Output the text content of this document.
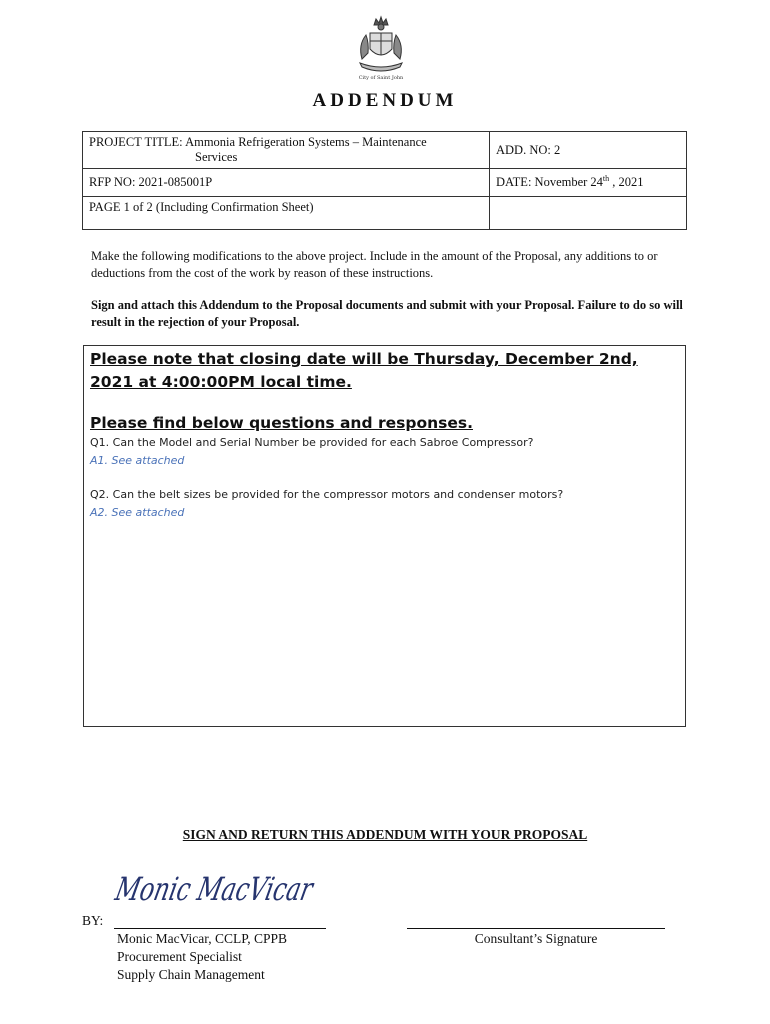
City of Saint John
ADDENDUM
PROJECT TITLE: Ammonia Refrigeration Systems – Maintenance
Services	ADD. NO: 2
RFP NO: 2021-085001P	DATE: November 24th , 2021
PAGE 1 of 2 (Including Confirmation Sheet)	
Make the following modifications to the above project. Include in the amount of the Proposal, any additions to or deductions from the cost of the work by reason of these instructions.
Sign and attach this Addendum to the Proposal documents and submit with your Proposal. Failure to do so will result in the rejection of your Proposal.
Please note that closing date will be Thursday, December 2nd, 2021 at 4:00:00PM local time.
Please find below questions and responses.
Q1. Can the Model and Serial Number be provided for each Sabroe Compressor?
A1. See attached
Q2. Can the belt sizes be provided for the compressor motors and condenser motors?
A2. See attached
SIGN AND RETURN THIS ADDENDUM WITH YOUR PROPOSAL
Monic MacVicar
BY:
Monic MacVicar, CCLP, CPPB
Procurement Specialist
Supply Chain Management
Consultant’s Signature
